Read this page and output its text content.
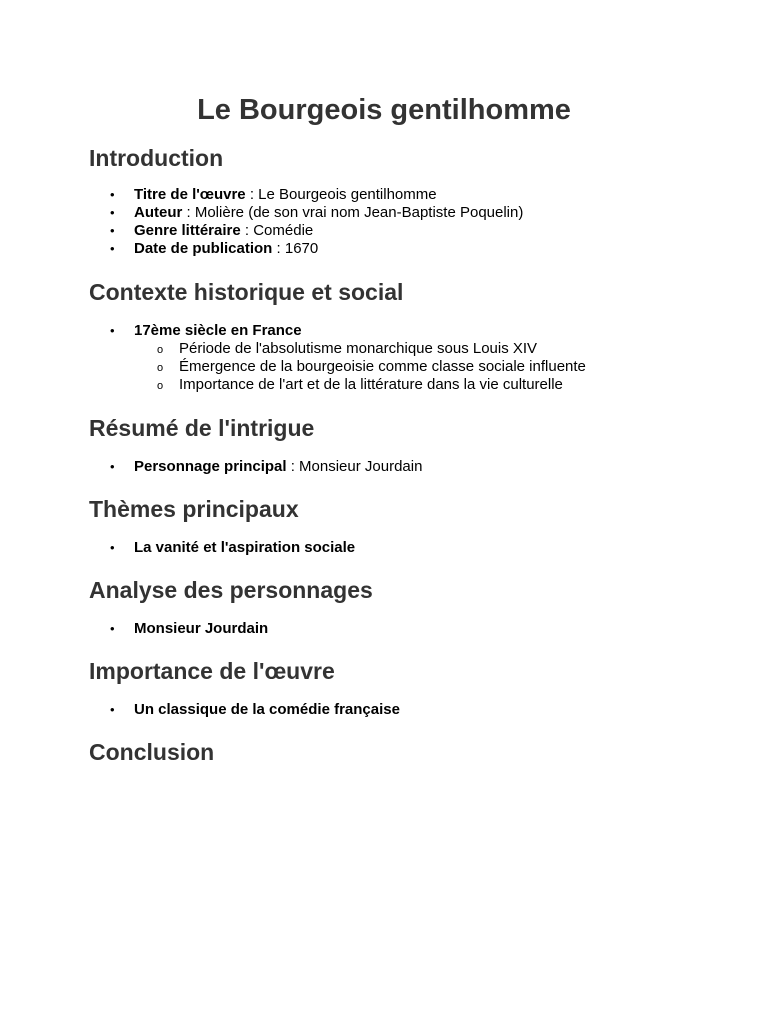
Le Bourgeois gentilhomme
Introduction
• Titre de l'œuvre : Le Bourgeois gentilhomme
• Auteur : Molière (de son vrai nom Jean-Baptiste Poquelin)
• Genre littéraire : Comédie
• Date de publication : 1670
Contexte historique et social
• 17ème siècle en France
o Période de l'absolutisme monarchique sous Louis XIV
o Émergence de la bourgeoisie comme classe sociale influente
o Importance de l'art et de la littérature dans la vie culturelle
Résumé de l'intrigue
• Personnage principal : Monsieur Jourdain
Thèmes principaux
• La vanité et l'aspiration sociale
Analyse des personnages
• Monsieur Jourdain
Importance de l'œuvre
• Un classique de la comédie française
Conclusion
